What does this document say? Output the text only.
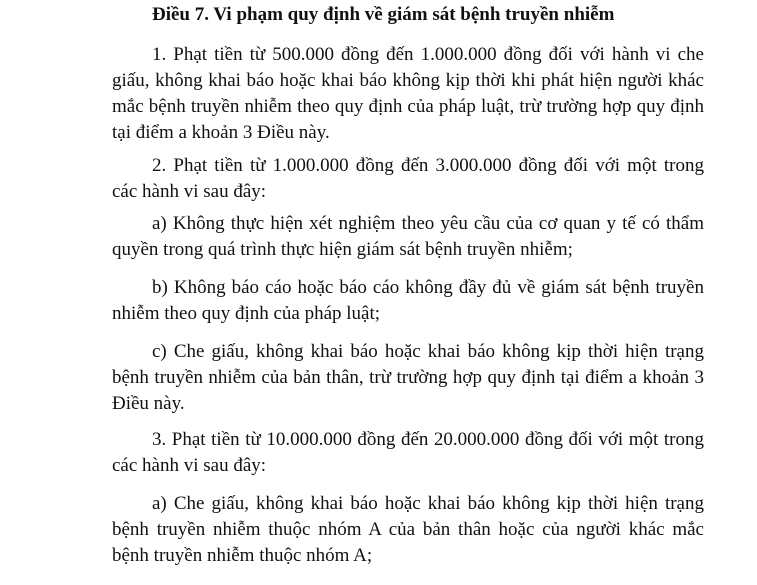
Điều 7. Vi phạm quy định về giám sát bệnh truyền nhiễm

1. Phạt tiền từ 500.000 đồng đến 1.000.000 đồng đối với hành vi che giấu, không khai báo hoặc khai báo không kịp thời khi phát hiện người khác mắc bệnh truyền nhiễm theo quy định của pháp luật, trừ trường hợp quy định tại điểm a khoản 3 Điều này.

2. Phạt tiền từ 1.000.000 đồng đến 3.000.000 đồng đối với một trong các hành vi sau đây:

a) Không thực hiện xét nghiệm theo yêu cầu của cơ quan y tế có thẩm quyền trong quá trình thực hiện giám sát bệnh truyền nhiễm;

b) Không báo cáo hoặc báo cáo không đầy đủ về giám sát bệnh truyền nhiễm theo quy định của pháp luật;

c) Che giấu, không khai báo hoặc khai báo không kịp thời hiện trạng bệnh truyền nhiễm của bản thân, trừ trường hợp quy định tại điểm a khoản 3 Điều này.

3. Phạt tiền từ 10.000.000 đồng đến 20.000.000 đồng đối với một trong các hành vi sau đây:

a) Che giấu, không khai báo hoặc khai báo không kịp thời hiện trạng bệnh truyền nhiễm thuộc nhóm A của bản thân hoặc của người khác mắc bệnh truyền nhiễm thuộc nhóm A;
